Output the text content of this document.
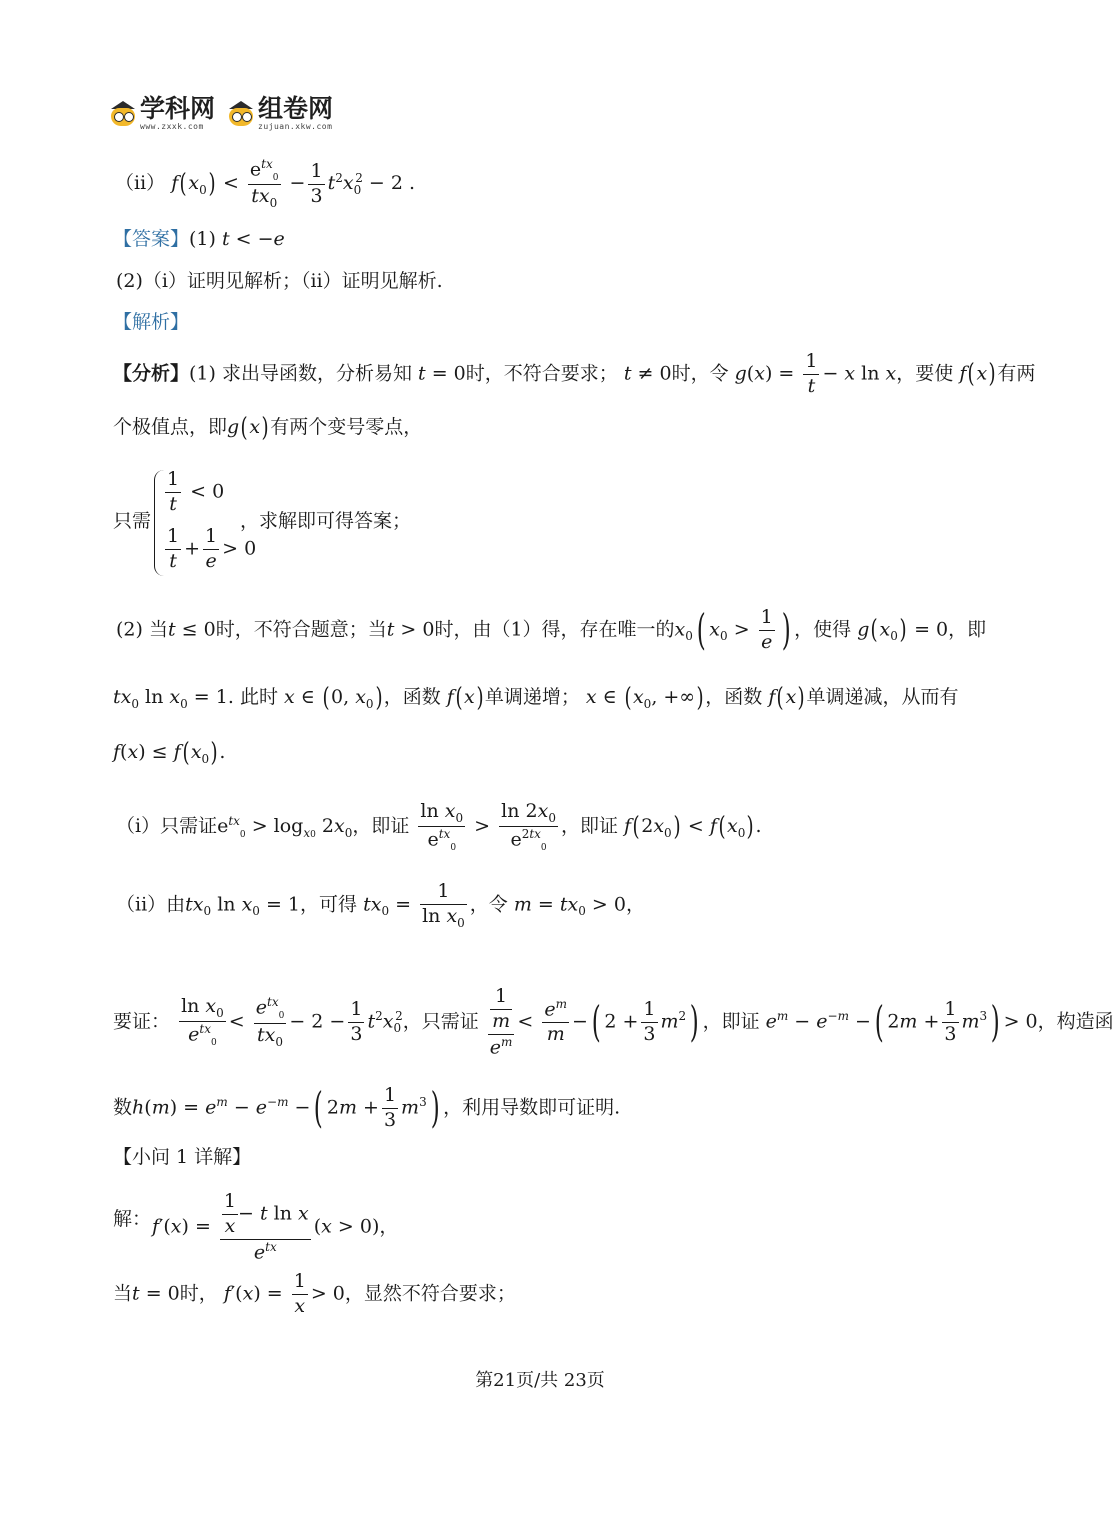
学科网
www.zxxk.com
组卷网
zujuan.xkw.com
（ⅱ） $f(x_0) < \frac{e^{tx}_0}{tx_0} - \frac{1}{3} t^2x_0^2 - 2$ .
【答案】(1) t < −e
(2)（ⅰ）证明见解析；（ⅱ）证明见解析.
【解析】
【分析】(1) 求出导函数，分析易知 t = 0时，不符合要求； t ≠ 0时，令 $g(x) = \frac{1}{t} - x$ ln x，要使 f(x)有两
个极值点，即g(x)有两个变号零点，
只需
$\frac{1}{t} < 0$
$\frac{1}{t} + \frac{1}{e} > 0$
，求解即可得答案；
(2) 当t ≤ 0时，不符合题意；当t > 0时，由（1）得，存在唯一的$x_0$( $x_0 > \frac{1}{e}$ ) ，使得 $g(x_0) = 0$，即
$tx_0$ $\ln x_0 = 1$. 此时 x ∈ (0, $x_0$)，函数 f(x)单调递增； x ∈ ($x_0$, +∞)，函数 f(x)单调递减，从而有
$f(x) \le f(x_0)$.
（i）只需证$e^{tx}_0 > \log_{x0} 2x_0$，即证 $\frac{\ln x_0}{e^{tx}_0} > \frac{\ln 2x_0}{e^{2tx}_0}$ ，即证 $f(2x_0) < f(x_0)$.
（ii）由$tx_0$ $\ln x_0 = 1$，可得 $tx_0 = \frac{1}{\ln x_0}$ ，令 $m = tx_0 > 0$，
要证： $\frac{\ln x_0}{e^{tx}_0} < \frac{e^{tx}_0}{tx_0} - 2 - \frac{1}{3} t^2x_0^2$，只需证 $\frac{\frac{1}{m}}{e^m} < \frac{e^m}{m}$ −( $2 + \frac{1}{3} m^2$) ，即证 $e^m - e^{-m}$ −( $2m + \frac{1}{3} m^3) > 0$，构造函
数$h(m) = e^m - e^{-m}$ −( $2m + \frac{1}{3} m^3$) ，利用导数即可证明.
【小问 1 详解】
解： $f'(x) = \frac{\frac{1}{x} - t \ln x}{e^{tx}} (x > 0)$，
当t = 0时， $f'(x) = \frac{1}{x} > 0$，显然不符合要求；
第21页/共 23页
